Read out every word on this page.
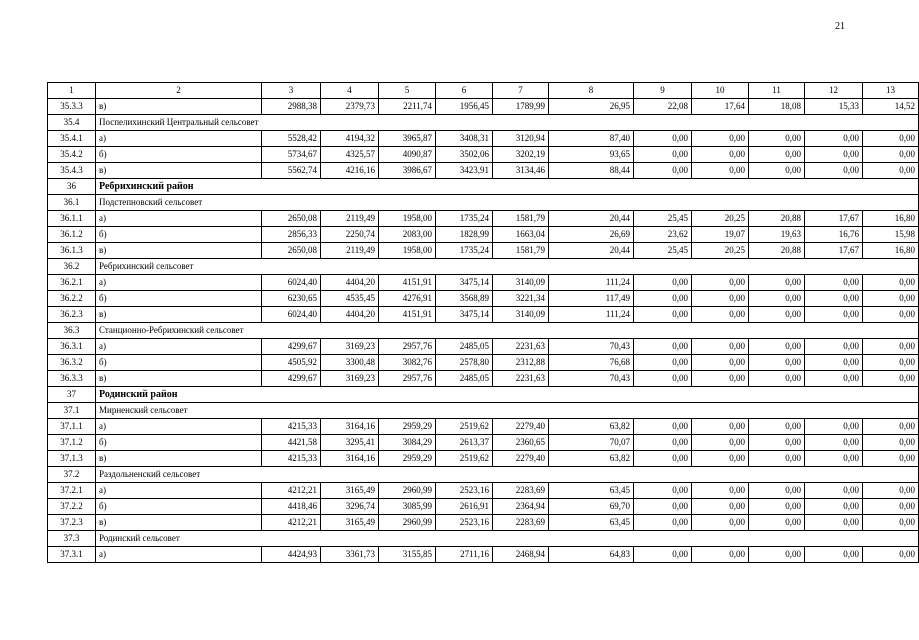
21
1	2	3	4	5	6	7	8	9	10	11	12	13
35.3.3	в)	2988,38	2379,73	2211,74	1956,45	1789,99	26,95	22,08	17,64	18,08	15,33	14,52
35.4	Поспелихинский Центральный сельсовет											
35.4.1	а)	5528,42	4194,32	3965,87	3408,31	3120,94	87,40	0,00	0,00	0,00	0,00	0,00
35.4.2	б)	5734,67	4325,57	4090,87	3502,06	3202,19	93,65	0,00	0,00	0,00	0,00	0,00
35.4.3	в)	5562,74	4216,16	3986,67	3423,91	3134,46	88,44	0,00	0,00	0,00	0,00	0,00
36	Ребрихинский район											
36.1	Подстепновский сельсовет											
36.1.1	а)	2650,08	2119,49	1958,00	1735,24	1581,79	20,44	25,45	20,25	20,88	17,67	16,80
36.1.2	б)	2856,33	2250,74	2083,00	1828,99	1663,04	26,69	23,62	19,07	19,63	16,76	15,98
36.1.3	в)	2650,08	2119,49	1958,00	1735,24	1581,79	20,44	25,45	20,25	20,88	17,67	16,80
36.2	Ребрихинский сельсовет											
36.2.1	а)	6024,40	4404,20	4151,91	3475,14	3140,09	111,24	0,00	0,00	0,00	0,00	0,00
36.2.2	б)	6230,65	4535,45	4276,91	3568,89	3221,34	117,49	0,00	0,00	0,00	0,00	0,00
36.2.3	в)	6024,40	4404,20	4151,91	3475,14	3140,09	111,24	0,00	0,00	0,00	0,00	0,00
36.3	Станционно-Ребрихинский сельсовет											
36.3.1	а)	4299,67	3169,23	2957,76	2485,05	2231,63	70,43	0,00	0,00	0,00	0,00	0,00
36.3.2	б)	4505,92	3300,48	3082,76	2578,80	2312,88	76,68	0,00	0,00	0,00	0,00	0,00
36.3.3	в)	4299,67	3169,23	2957,76	2485,05	2231,63	70,43	0,00	0,00	0,00	0,00	0,00
37	Родинский район											
37.1	Мирненский сельсовет											
37.1.1	а)	4215,33	3164,16	2959,29	2519,62	2279,40	63,82	0,00	0,00	0,00	0,00	0,00
37.1.2	б)	4421,58	3295,41	3084,29	2613,37	2360,65	70,07	0,00	0,00	0,00	0,00	0,00
37.1.3	в)	4215,33	3164,16	2959,29	2519,62	2279,40	63,82	0,00	0,00	0,00	0,00	0,00
37.2	Раздольненский сельсовет											
37.2.1	а)	4212,21	3165,49	2960,99	2523,16	2283,69	63,45	0,00	0,00	0,00	0,00	0,00
37.2.2	б)	4418,46	3296,74	3085,99	2616,91	2364,94	69,70	0,00	0,00	0,00	0,00	0,00
37.2.3	в)	4212,21	3165,49	2960,99	2523,16	2283,69	63,45	0,00	0,00	0,00	0,00	0,00
37.3	Родинский сельсовет											
37.3.1	а)	4424,93	3361,73	3155,85	2711,16	2468,94	64,83	0,00	0,00	0,00	0,00	0,00
